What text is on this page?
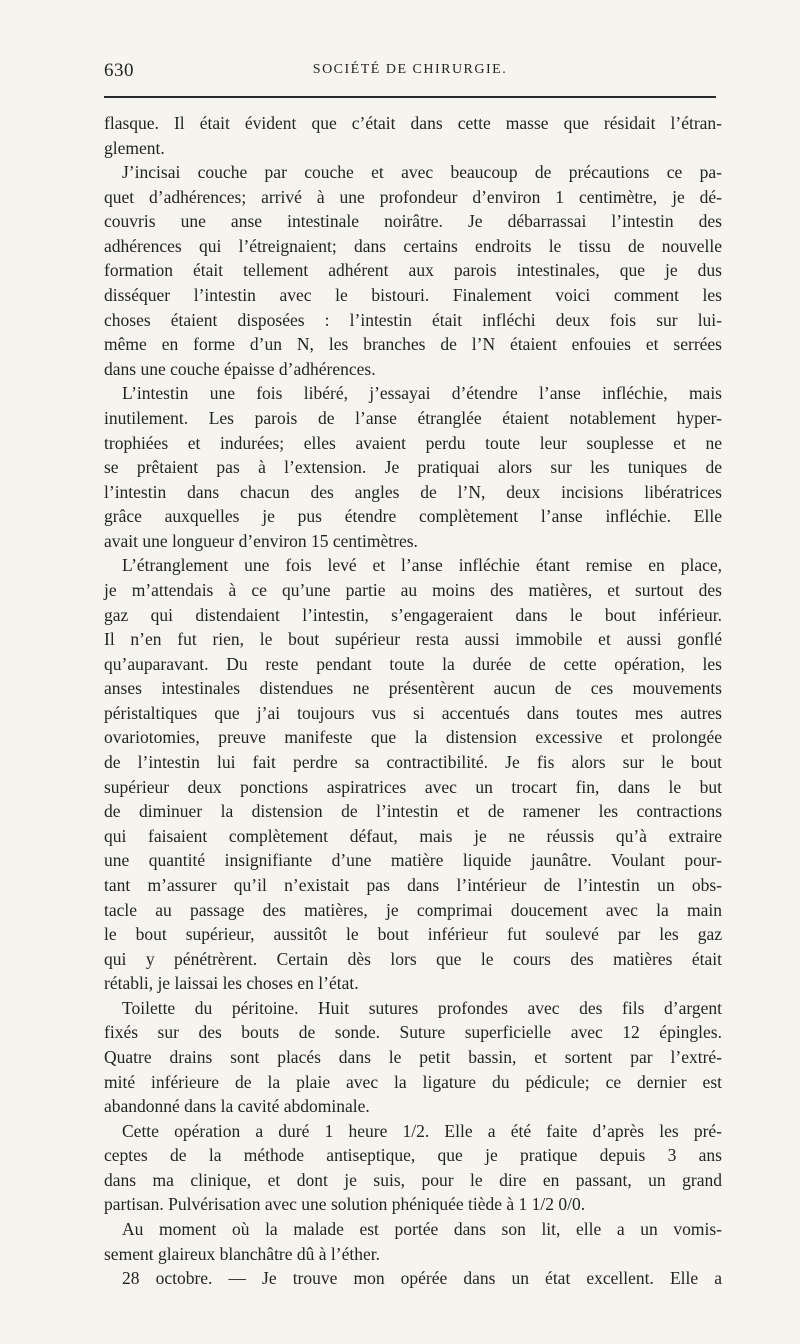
630	SOCIÉTÉ DE CHIRURGIE.
flasque. Il était évident que c’était dans cette masse que résidait l’étran-
glement.
J’incisai couche par couche et avec beaucoup de précautions ce pa-
quet d’adhérences; arrivé à une profondeur d’environ 1 centimètre, je dé-
couvris une anse intestinale noirâtre. Je débarrassai l’intestin des
adhérences qui l’étreignaient; dans certains endroits le tissu de nouvelle
formation était tellement adhérent aux parois intestinales, que je dus
disséquer l’intestin avec le bistouri. Finalement voici comment les
choses étaient disposées : l’intestin était infléchi deux fois sur lui-
même en forme d’un N, les branches de l’N étaient enfouies et serrées
dans une couche épaisse d’adhérences.
L’intestin une fois libéré, j’essayai d’étendre l’anse infléchie, mais
inutilement. Les parois de l’anse étranglée étaient notablement hyper-
trophiées et indurées; elles avaient perdu toute leur souplesse et ne
se prêtaient pas à l’extension. Je pratiquai alors sur les tuniques de
l’intestin dans chacun des angles de l’N, deux incisions libératrices
grâce auxquelles je pus étendre complètement l’anse infléchie. Elle
avait une longueur d’environ 15 centimètres.
L’étranglement une fois levé et l’anse infléchie étant remise en place,
je m’attendais à ce qu’une partie au moins des matières, et surtout des
gaz qui distendaient l’intestin, s’engageraient dans le bout inférieur.
Il n’en fut rien, le bout supérieur resta aussi immobile et aussi gonflé
qu’auparavant. Du reste pendant toute la durée de cette opération, les
anses intestinales distendues ne présentèrent aucun de ces mouvements
péristaltiques que j’ai toujours vus si accentués dans toutes mes autres
ovariotomies, preuve manifeste que la distension excessive et prolongée
de l’intestin lui fait perdre sa contractibilité. Je fis alors sur le bout
supérieur deux ponctions aspiratrices avec un trocart fin, dans le but
de diminuer la distension de l’intestin et de ramener les contractions
qui faisaient complètement défaut, mais je ne réussis qu’à extraire
une quantité insignifiante d’une matière liquide jaunâtre. Voulant pour-
tant m’assurer qu’il n’existait pas dans l’intérieur de l’intestin un obs-
tacle au passage des matières, je comprimai doucement avec la main
le bout supérieur, aussitôt le bout inférieur fut soulevé par les gaz
qui y pénétrèrent. Certain dès lors que le cours des matières était
rétabli, je laissai les choses en l’état.
Toilette du péritoine. Huit sutures profondes avec des fils d’argent
fixés sur des bouts de sonde. Suture superficielle avec 12 épingles.
Quatre drains sont placés dans le petit bassin, et sortent par l’extré-
mité inférieure de la plaie avec la ligature du pédicule; ce dernier est
abandonné dans la cavité abdominale.
Cette opération a duré 1 heure 1/2. Elle a été faite d’après les pré-
ceptes de la méthode antiseptique, que je pratique depuis 3 ans
dans ma clinique, et dont je suis, pour le dire en passant, un grand
partisan. Pulvérisation avec une solution phéniquée tiède à 1 1/2 0/0.
Au moment où la malade est portée dans son lit, elle a un vomis-
sement glaireux blanchâtre dû à l’éther.
28 octobre. — Je trouve mon opérée dans un état excellent. Elle a
